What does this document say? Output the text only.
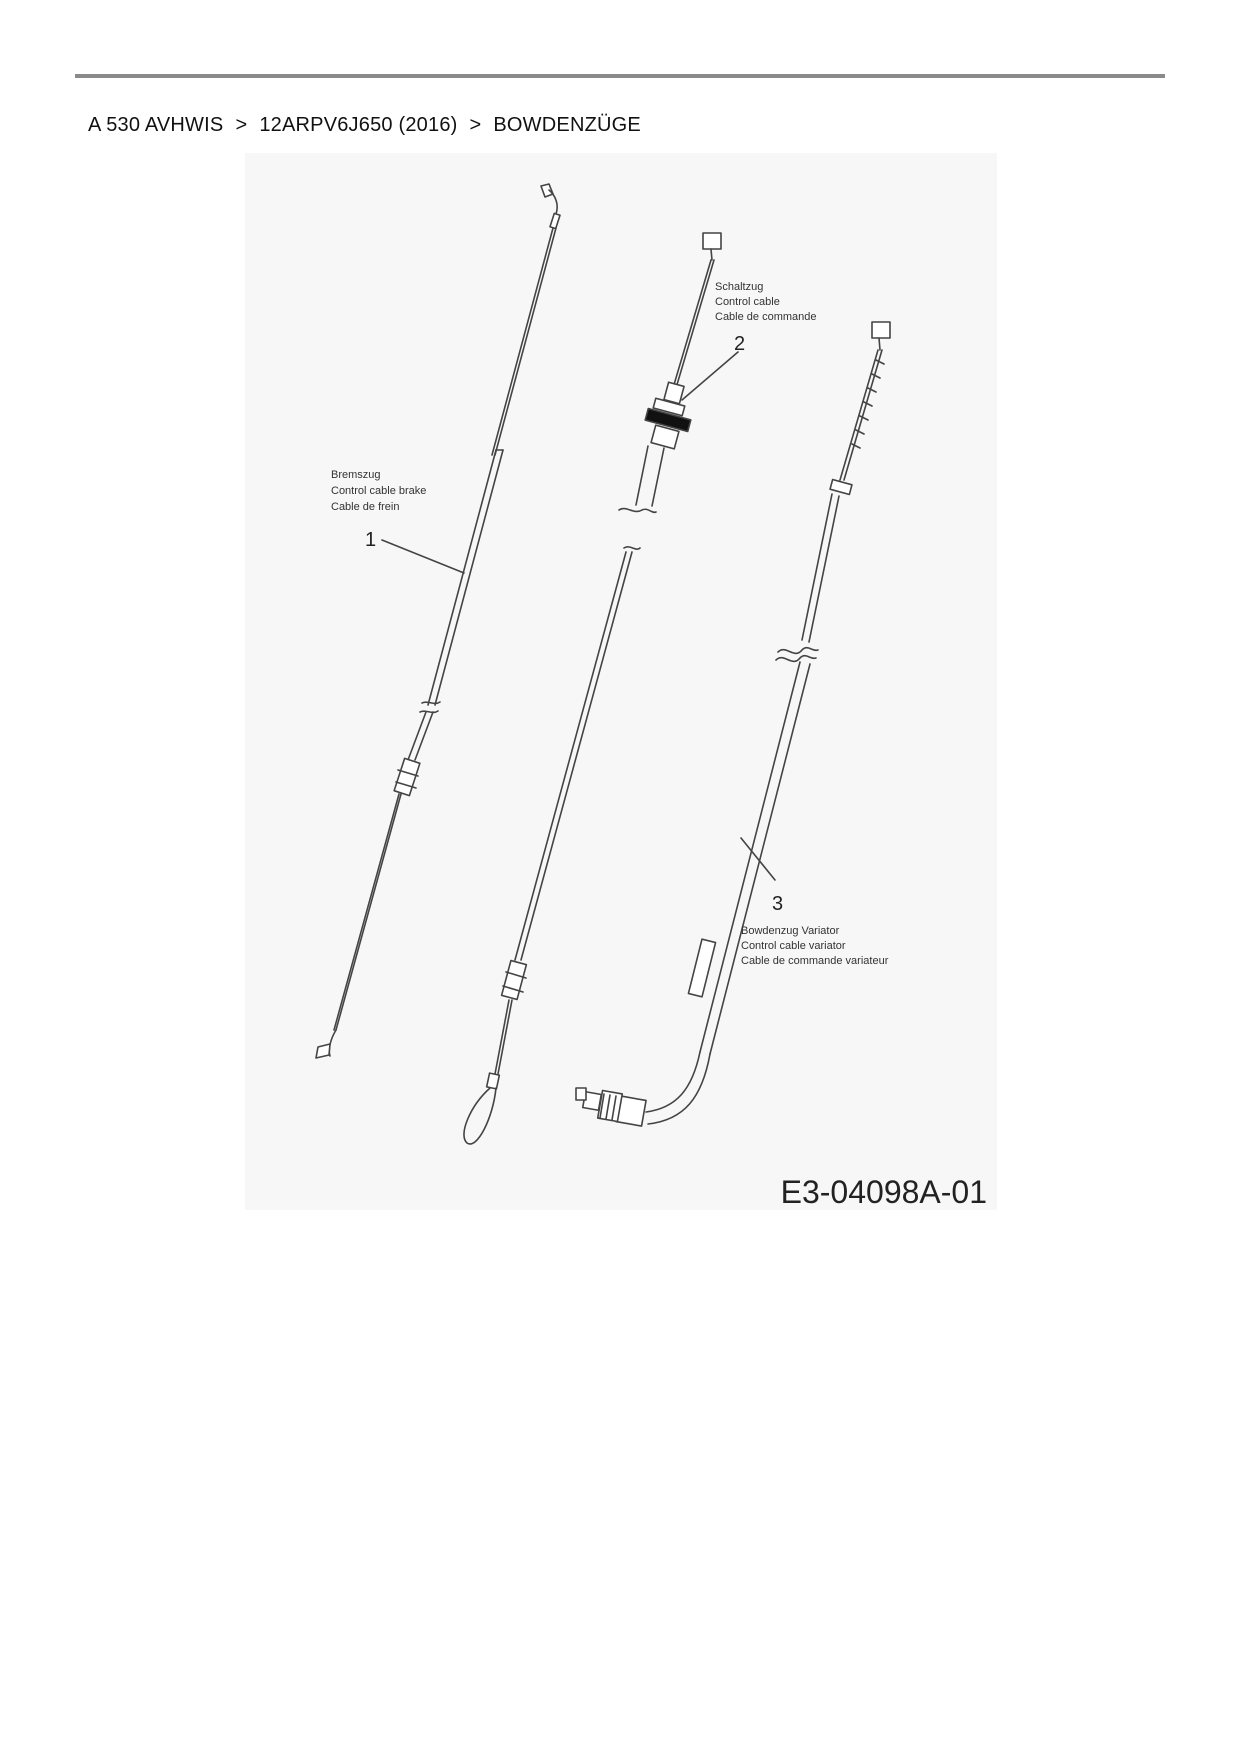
A 530 AVHWIS > 12ARPV6J650 (2016) > BOWDENZÜGE
Bremszug
Control cable brake
Cable de frein
1
Schaltzug
Control cable
Cable de commande
2
3
Bowdenzug Variator
Control cable variator
Cable de commande variateur
E3-04098A-01
